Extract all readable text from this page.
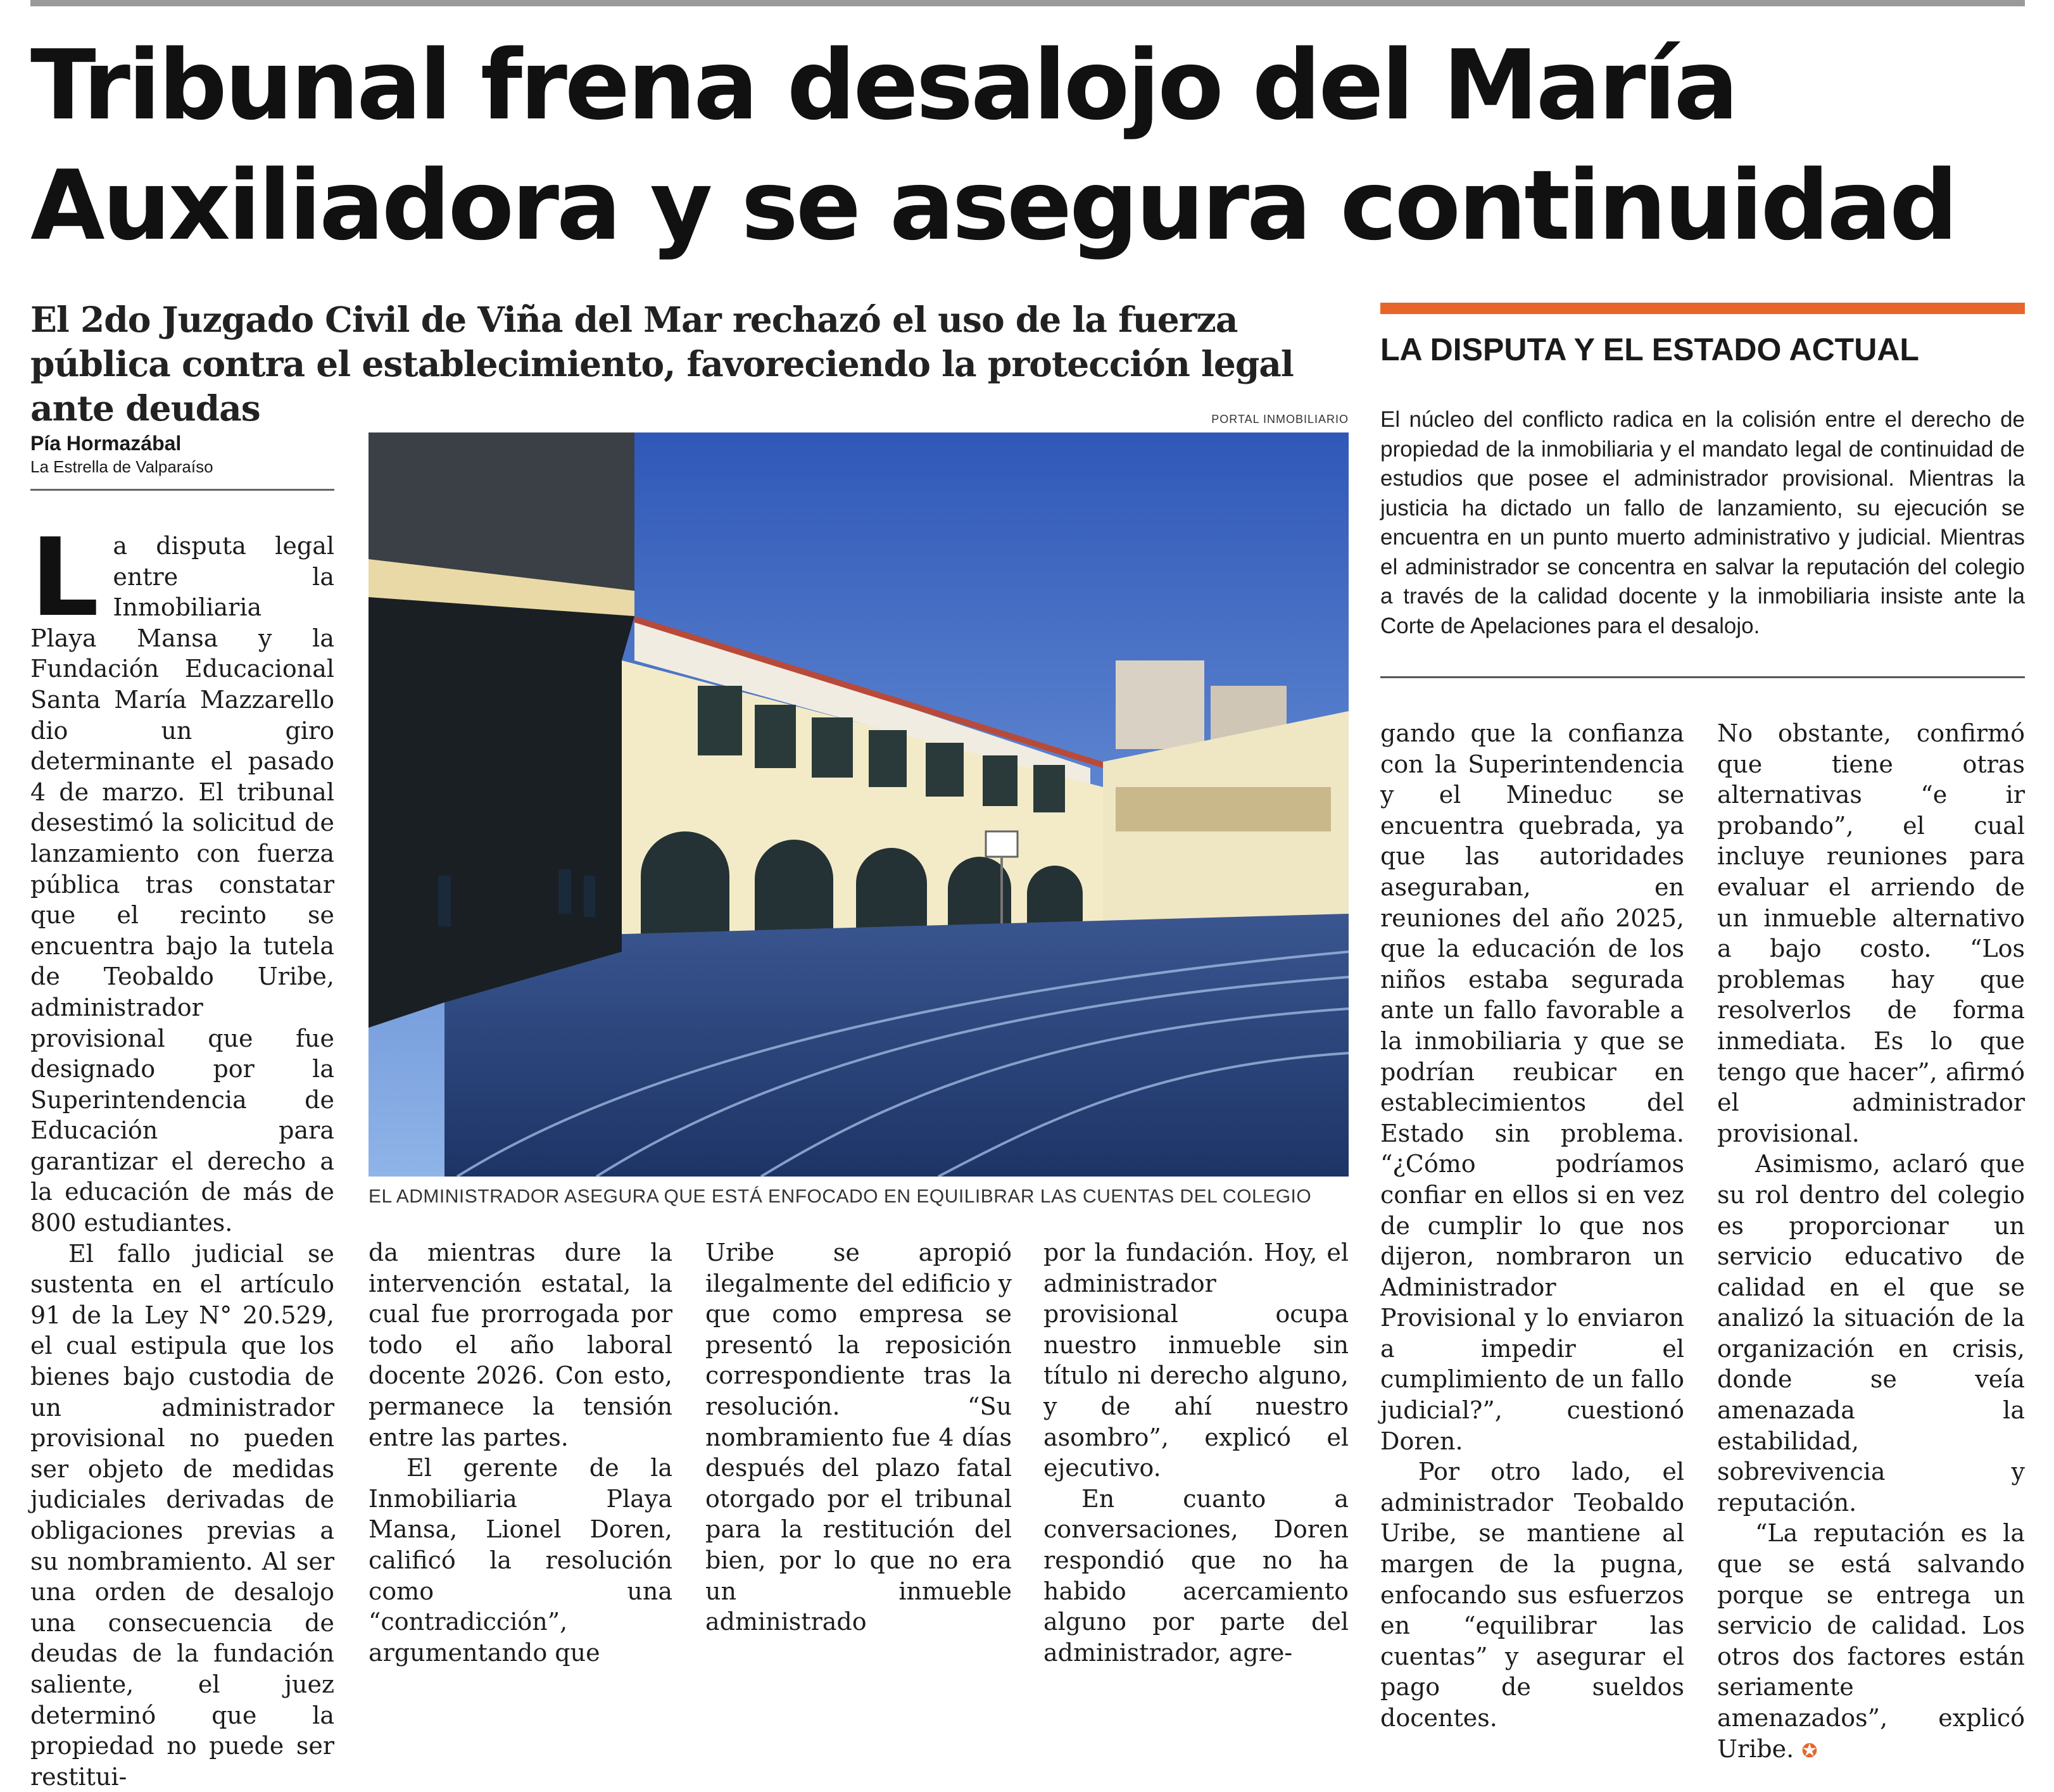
Tribunal frena desalojo del María Auxiliadora y se asegura continuidad
El 2do Juzgado Civil de Viña del Mar rechazó el uso de la fuerza pública contra el establecimiento, favoreciendo la protección legal ante deudas
Pía Hormazábal
La Estrella de Valparaíso
PORTAL INMOBILIARIO
EL ADMINISTRADOR ASEGURA QUE ESTÁ ENFOCADO EN EQUILIBRAR LAS CUENTAS DEL COLEGIO
LA DISPUTA Y EL ESTADO ACTUAL
El núcleo del conflicto radica en la colisión entre el derecho de propiedad de la inmobiliaria y el mandato legal de continuidad de estudios que posee el administrador provisional. Mientras la justicia ha dictado un fallo de lanzamiento, su ejecución se encuentra en un punto muerto administrativo y judicial. Mientras el administrador se concentra en salvar la reputación del colegio a través de la calidad docente y la inmobiliaria insiste ante la Corte de Apelaciones para el desalojo.

La disputa legal entre la Inmobiliaria Playa Mansa y la Fundación Educacional Santa María Mazzarello dio un giro determinante el pasado 4 de marzo. El tribunal desestimó la solicitud de lanzamiento con fuerza pública tras constatar que el recinto se encuentra bajo la tutela de Teobaldo Uribe, administrador provisional que fue designado por la Superintendencia de Educación para garantizar el derecho a la educación de más de 800 estudiantes.

El fallo judicial se sustenta en el artículo 91 de la Ley N° 20.529, el cual estipula que los bienes bajo custodia de un administrador provisional no pueden ser objeto de medidas judiciales derivadas de obligaciones previas a su nombramiento. Al ser una orden de desalojo una consecuencia de deudas de la fundación saliente, el juez determinó que la propiedad no puede ser restitui-

da mientras dure la intervención estatal, la cual fue prorrogada por todo el año laboral docente 2026. Con esto, permanece la tensión entre las partes.

El gerente de la Inmobiliaria Playa Mansa, Lionel Doren, calificó la resolución como una “contradicción”, argumentando que

Uribe se apropió ilegalmente del edificio y que como empresa se presentó la reposición correspondiente tras la resolución. “Su nombramiento fue 4 días después del plazo fatal otorgado por el tribunal para la restitución del bien, por lo que no era un inmueble administrado

por la fundación. Hoy, el administrador provisional ocupa nuestro inmueble sin título ni derecho alguno, y de ahí nuestro asombro”, explicó el ejecutivo.

En cuanto a conversaciones, Doren respondió que no ha habido acercamiento alguno por parte del administrador, agre-

gando que la confianza con la Superintendencia y el Mineduc se encuentra quebrada, ya que las autoridades aseguraban, en reuniones del año 2025, que la educación de los niños estaba segurada ante un fallo favorable a la inmobiliaria y que se podrían reubicar en establecimientos del Estado sin problema. “¿Cómo podríamos confiar en ellos si en vez de cumplir lo que nos dijeron, nombraron un Administrador Provisional y lo enviaron a impedir el cumplimiento de un fallo judicial?”, cuestionó Doren.

Por otro lado, el administrador Teobaldo Uribe, se mantiene al margen de la pugna, enfocando sus esfuerzos en “equilibrar las cuentas” y asegurar el pago de sueldos docentes.

No obstante, confirmó que tiene otras alternativas “e ir probando”, el cual incluye reuniones para evaluar el arriendo de un inmueble alternativo a bajo costo. “Los problemas hay que resolverlos de forma inmediata. Es lo que tengo que hacer”, afirmó el administrador provisional.

Asimismo, aclaró que su rol dentro del colegio es proporcionar un servicio educativo de calidad en el que se analizó la situación de la organización en crisis, donde se veía amenazada la estabilidad, sobrevivencia y reputación.

“La reputación es la que se está salvando porque se entrega un servicio de calidad. Los otros dos factores están seriamente amenazados”, explicó Uribe. ✪
